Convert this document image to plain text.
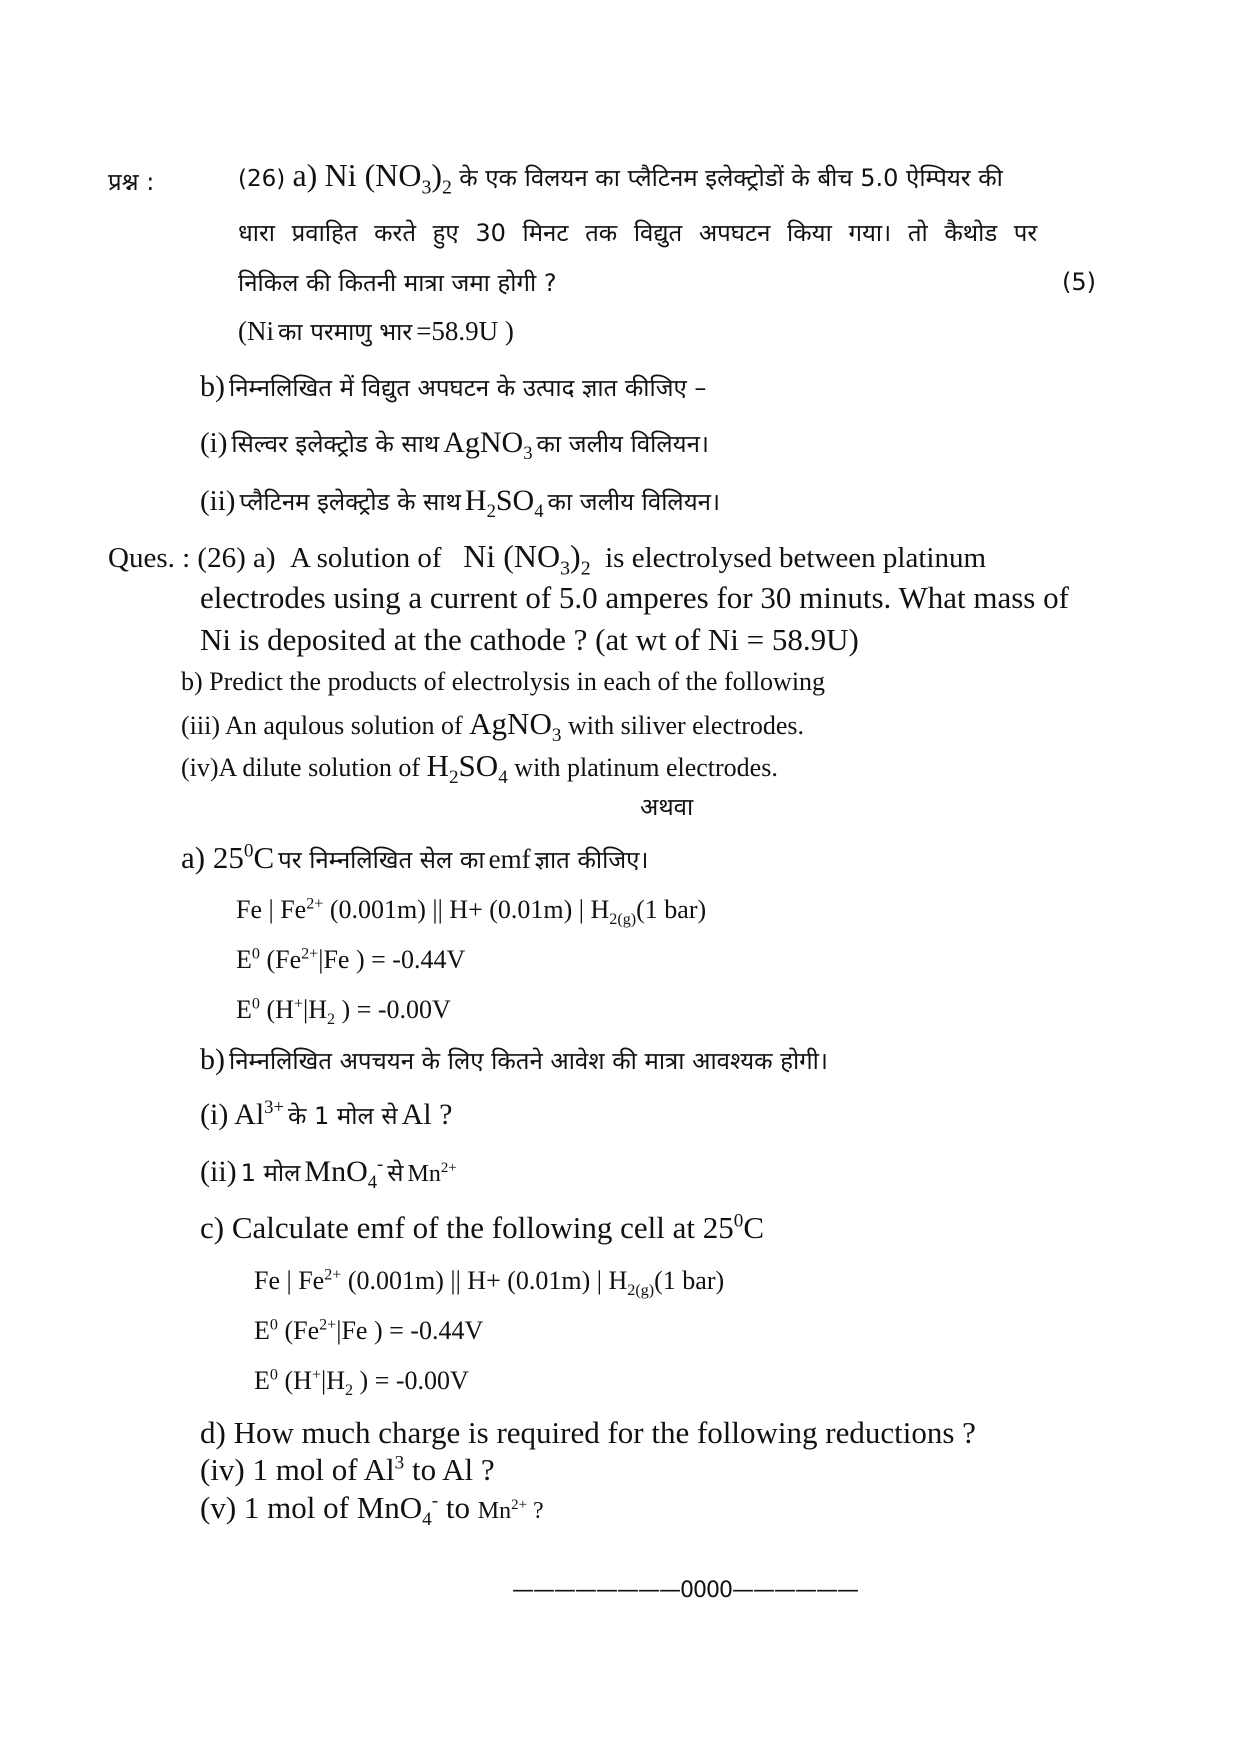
प्रश्न :	(26) a) Ni $(NO_3)_2$ के एक विलयन का प्लैटिनम इलेक्ट्रोडों के बीच 5.0 ऐम्पियर की
धारा प्रवाहित करते हुए 30 मिनट तक विद्युत अपघटन किया गया। तो कैथोड पर
निकिल की कितनी मात्रा जमा होगी ?	(5)
(Ni का परमाणु भार =58.9U )
b) निम्नलिखित में विद्युत अपघटन के उत्पाद ज्ञात कीजिए –
(i) सिल्वर इलेक्ट्रोड के साथ AgNO$_3$ का जलीय विलियन।
(ii) प्लैटिनम इलेक्ट्रोड के साथ $H_2SO_4$ का जलीय विलियन।
Ques. : (26) a) A solution of Ni $(NO_3)_2$ is electrolysed between platinum
electrodes using a current of 5.0 amperes for 30 minuts. What mass of
Ni is deposited at the cathode ? (at wt of Ni = 58.9U)
b) Predict the products of electrolysis in each of the following
(iii) An aqulous solution of AgNO$_3$ with siliver electrodes.
(iv)A dilute solution of $H_2SO_4$ with platinum electrodes.
अथवा
a) $25^0C$ पर निम्नलिखित सेल का emf ज्ञात कीजिए।
Fe | $Fe^{2+}$ (0.001m) || H+ (0.01m) | $H_{2(g)}(1$ bar)
$E^0$ ($Fe^{2+}|Fe$ ) = -0.44V
$E^0$ ($H^+|H_2$ ) = -0.00V
b) निम्नलिखित अपचयन के लिए कितने आवेश की मात्रा आवश्यक होगी।
(i) $Al^{3+}$ के 1 मोल से Al ?
(ii) 1 मोल MnO$_4$- से $Mn^{2+}$
c) Calculate emf of the following cell at $25^0C$
Fe | $Fe^{2+}$ (0.001m) || H+ (0.01m) | $H_{2(g)}(1$ bar)
$E^0$ ($Fe^{2+}|Fe$ ) = -0.44V
$E^0$ ($H^+|H_2$ ) = -0.00V
d) How much charge is required for the following reductions ?
(iv) 1 mol of Al$^3$ to Al ?
(v) 1 mol of MnO$_4$- to $Mn^{2+}$ ?
————————0000——————
